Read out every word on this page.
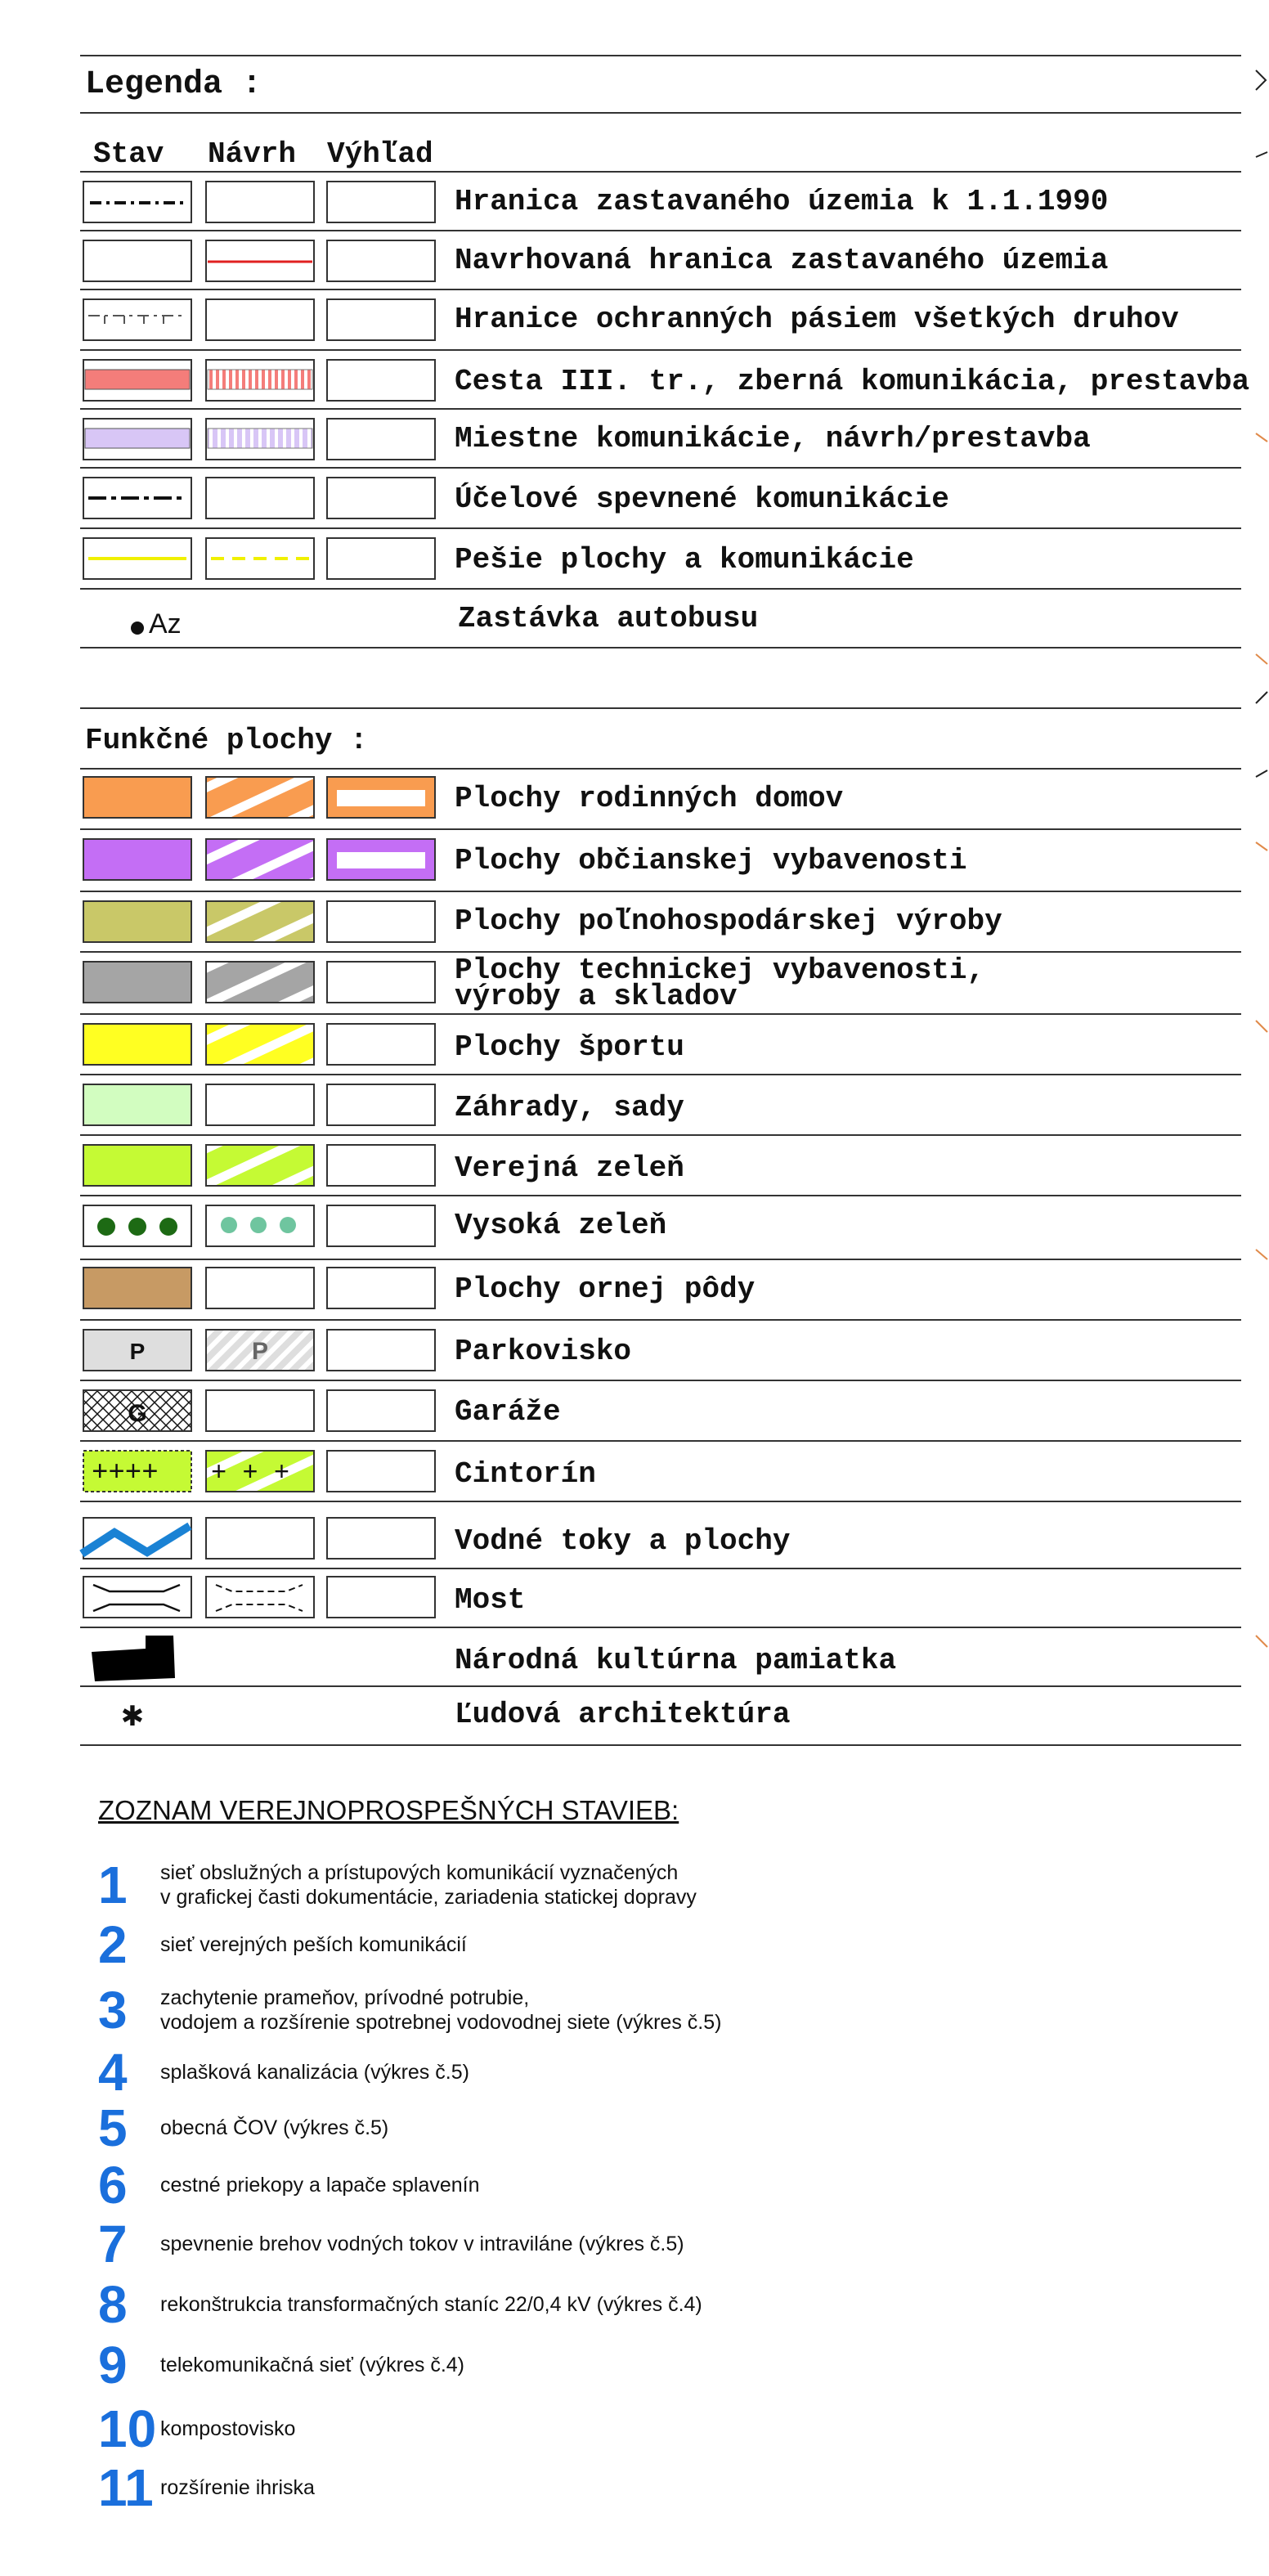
Legenda :
Stav Návrh Výhľad
Hranica zastavaného územia k 1.1.1990
Navrhovaná hranica zastavaného územia
Hranice ochranných pásiem všetkých druhov
Cesta III. tr., zberná komunikácia, prestavba
Miestne komunikácie, návrh/prestavba
Účelové spevnené komunikácie
Pešie plochy a komunikácie
Az	Zastávka autobusu
Funkčné plochy :
Plochy rodinných domov
Plochy občianskej vybavenosti
Plochy poľnohospodárskej výroby
Plochy technickej vybavenosti,
výroby a skladov
Plochy športu
Záhrady, sady
Verejná zeleň
Vysoká zeleň
Plochy ornej pôdy
P	P	Parkovisko
G	Garáže
++++ + + +	Cintorín
Vodné toky a plochy
Most
Národná kultúrna pamiatka
✱	Ľudová architektúra
ZOZNAM VEREJNOPROSPEŠNÝCH STAVIEB:
1	sieť obslužných a prístupových komunikácií vyznačených
v grafickej časti dokumentácie, zariadenia statickej dopravy
2	sieť verejných peších komunikácií
3	zachytenie prameňov, prívodné potrubie,
vodojem a rozšírenie spotrebnej vodovodnej siete (výkres č.5)
4	splašková kanalizácia (výkres č.5)
5	obecná ČOV (výkres č.5)
6	cestné priekopy a lapače splavenín
7	spevnenie brehov vodných tokov v intraviláne (výkres č.5)
8	rekonštrukcia transformačných staníc 22/0,4 kV (výkres č.4)
9	telekomunikačná sieť (výkres č.4)
10 kompostovisko
11 rozšírenie ihriska
